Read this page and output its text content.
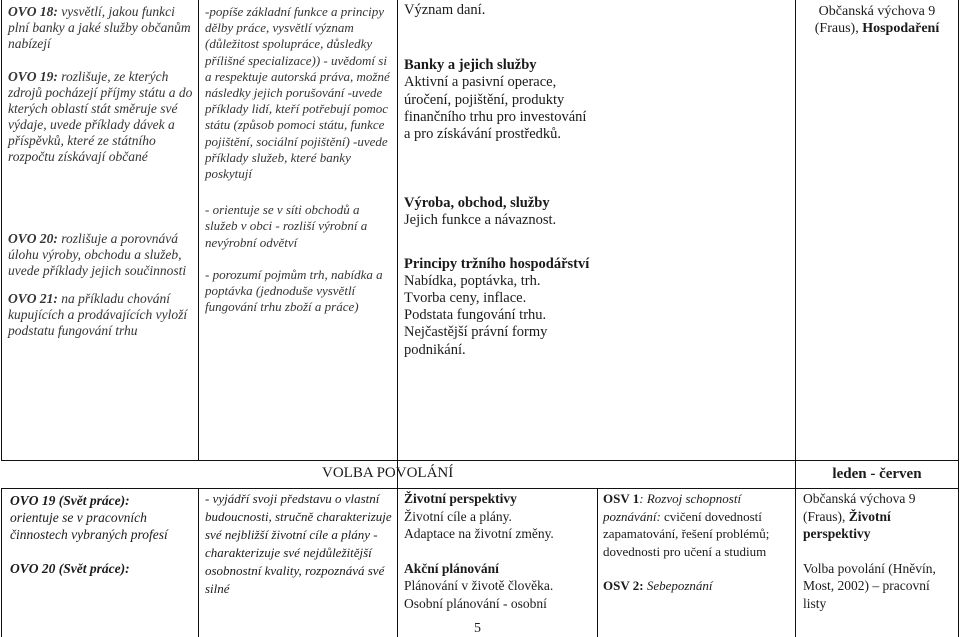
OVO 18: vysvětlí, jakou funkci plní banky a jaké služby občanům nabízejí

OVO 19: rozlišuje, ze kterých zdrojů pocházejí příjmy státu a do kterých oblastí stát směruje své výdaje, uvede příklady dávek a příspěvků, které ze státního rozpočtu získávají občané

OVO 20: rozlišuje a porovnává úlohu výroby, obchodu a služeb, uvede příklady jejich součinnosti

OVO 21: na příkladu chování kupujících a prodávajících vyloží podstatu fungování trhu

-popíše základní funkce a principy dělby práce, vysvětlí význam (důležitost spolupráce, důsledky přílišné specializace)) - uvědomí si a respektuje autorská práva, možné následky jejich porušování -uvede příklady lidí, kteří potřebují pomoc státu (způsob pomoci státu, funkce pojištění, sociální pojištění) -uvede příklady služeb, které banky poskytují

- orientuje se v síti obchodů a služeb v obci - rozliší výrobní a nevýrobní odvětví

- porozumí pojmům trh, nabídka a poptávka (jednoduše vysvětlí fungování trhu zboží a práce)

Význam daní.

Banky a jejich služby

Aktivní a pasivní operace, úročení, pojištění, produkty finančního trhu pro investování a pro získávání prostředků.

Výroba, obchod, služby

Jejich funkce a návaznost.

Principy tržního hospodářství

Nabídka, poptávka, trh.

Tvorba ceny, inflace.

Podstata fungování trhu.

Nejčastější právní formy podnikání.

Občanská výchova 9

(Fraus), Hospodaření

VOLBA POVOLÁNÍ	leden - červen

OVO 19 (Svět práce):

orientuje se v pracovních činnostech vybraných profesí

OVO 20 (Svět práce):

- vyjádří svoji představu o vlastní budoucnosti, stručně charakterizuje své nejbližší životní cíle a plány - charakterizuje své nejdůležitější osobnostní kvality, rozpoznává své silné

Životní perspektivy

Životní cíle a plány.

Adaptace na životní změny.

Akční plánování

Plánování v životě člověka.

Osobní plánování - osobní

OSV 1: Rozvoj schopností poznávání: cvičení dovedností zapamatování, řešení problémů; dovednosti pro učení a studium

OSV 2: Sebepoznání

Občanská výchova 9

(Fraus), Životní perspektivy

Volba povolání (Hněvín, Most, 2002) – pracovní listy

5
